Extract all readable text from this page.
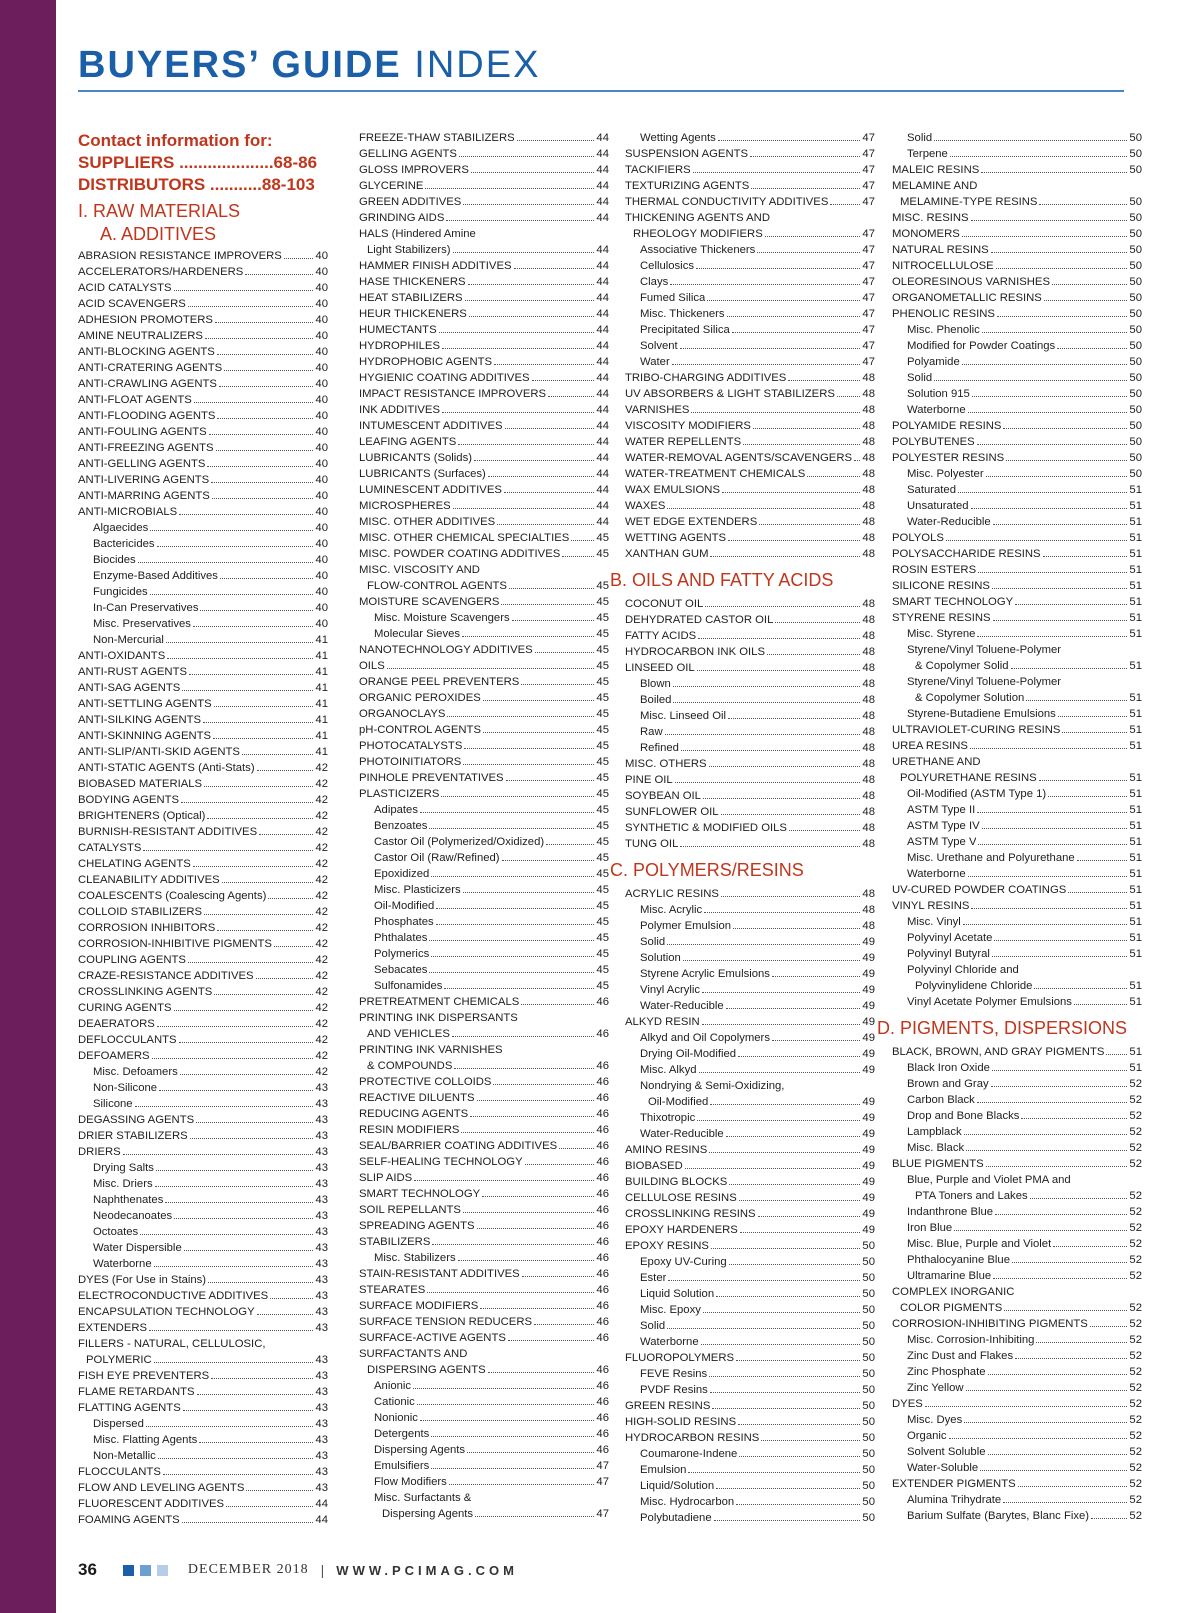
BUYERS’ GUIDE INDEX
Contact information for:
SUPPLIERS ....................68-86
DISTRIBUTORS ...........88-103
I. RAW MATERIALS
A. ADDITIVES
ABRASION RESISTANCE IMPROVERS	40
ACCELERATORS/HARDENERS	40
ACID CATALYSTS	40
ACID SCAVENGERS	40
ADHESION PROMOTERS	40
AMINE NEUTRALIZERS	40
ANTI-BLOCKING AGENTS	40
ANTI-CRATERING AGENTS	40
ANTI-CRAWLING AGENTS	40
ANTI-FLOAT AGENTS	40
ANTI-FLOODING AGENTS	40
ANTI-FOULING AGENTS	40
ANTI-FREEZING AGENTS	40
ANTI-GELLING AGENTS	40
ANTI-LIVERING AGENTS	40
ANTI-MARRING AGENTS	40
ANTI-MICROBIALS	40
Algaecides	40
Bactericides	40
Biocides	40
Enzyme-Based Additives	40
Fungicides	40
In-Can Preservatives	40
Misc. Preservatives	40
Non-Mercurial	41
ANTI-OXIDANTS	41
ANTI-RUST AGENTS	41
ANTI-SAG AGENTS	41
ANTI-SETTLING AGENTS	41
ANTI-SILKING AGENTS	41
ANTI-SKINNING AGENTS	41
ANTI-SLIP/ANTI-SKID AGENTS	41
ANTI-STATIC AGENTS (Anti-Stats)	42
BIOBASED MATERIALS	42
BODYING AGENTS	42
BRIGHTENERS (Optical)	42
BURNISH-RESISTANT ADDITIVES	42
CATALYSTS	42
CHELATING AGENTS	42
CLEANABILITY ADDITIVES	42
COALESCENTS (Coalescing Agents)	42
COLLOID STABILIZERS	42
CORROSION INHIBITORS	42
CORROSION-INHIBITIVE PIGMENTS	42
COUPLING AGENTS	42
CRAZE-RESISTANCE ADDITIVES	42
CROSSLINKING AGENTS	42
CURING AGENTS	42
DEAERATORS	42
DEFLOCCULANTS	42
DEFOAMERS	42
Misc. Defoamers	42
Non-Silicone	43
Silicone	43
DEGASSING AGENTS	43
DRIER STABILIZERS	43
DRIERS	43
Drying Salts	43
Misc. Driers	43
Naphthenates	43
Neodecanoates	43
Octoates	43
Water Dispersible	43
Waterborne	43
DYES (For Use in Stains)	43
ELECTROCONDUCTIVE ADDITIVES	43
ENCAPSULATION TECHNOLOGY	43
EXTENDERS	43
FILLERS - NATURAL, CELLULOSIC,
POLYMERIC	43
FISH EYE PREVENTERS	43
FLAME RETARDANTS	43
FLATTING AGENTS	43
Dispersed	43
Misc. Flatting Agents	43
Non-Metallic	43
FLOCCULANTS	43
FLOW AND LEVELING AGENTS	43
FLUORESCENT ADDITIVES	44
FOAMING AGENTS	44
FREEZE-THAW STABILIZERS	44
GELLING AGENTS	44
GLOSS IMPROVERS	44
GLYCERINE	44
GREEN ADDITIVES	44
GRINDING AIDS	44
HALS (Hindered Amine
Light Stabilizers)	44
HAMMER FINISH ADDITIVES	44
HASE THICKENERS	44
HEAT STABILIZERS	44
HEUR THICKENERS	44
HUMECTANTS	44
HYDROPHILES	44
HYDROPHOBIC AGENTS	44
HYGIENIC COATING ADDITIVES	44
IMPACT RESISTANCE IMPROVERS	44
INK ADDITIVES	44
INTUMESCENT ADDITIVES	44
LEAFING AGENTS	44
LUBRICANTS (Solids)	44
LUBRICANTS (Surfaces)	44
LUMINESCENT ADDITIVES	44
MICROSPHERES	44
MISC. OTHER ADDITIVES	44
MISC. OTHER CHEMICAL SPECIALTIES 45
MISC. POWDER COATING ADDITIVES	45
MISC. VISCOSITY AND
FLOW-CONTROL AGENTS	45
MOISTURE SCAVENGERS	45
Misc. Moisture Scavengers	45
Molecular Sieves	45
NANOTECHNOLOGY ADDITIVES	45
OILS	45
ORANGE PEEL PREVENTERS	45
ORGANIC PEROXIDES	45
ORGANOCLAYS	45
pH-CONTROL AGENTS	45
PHOTOCATALYSTS	45
PHOTOINITIATORS	45
PINHOLE PREVENTATIVES	45
PLASTICIZERS	45
Adipates	45
Benzoates	45
Castor Oil (Polymerized/Oxidized)	45
Castor Oil (Raw/Refined)	45
Epoxidized	45
Misc. Plasticizers	45
Oil-Modified	45
Phosphates	45
Phthalates	45
Polymerics	45
Sebacates	45
Sulfonamides	45
PRETREATMENT CHEMICALS	46
PRINTING INK DISPERSANTS
AND VEHICLES	46
PRINTING INK VARNISHES
& COMPOUNDS	46
PROTECTIVE COLLOIDS	46
REACTIVE DILUENTS	46
REDUCING AGENTS	46
RESIN MODIFIERS	46
SEAL/BARRIER COATING ADDITIVES	46
SELF-HEALING TECHNOLOGY	46
SLIP AIDS	46
SMART TECHNOLOGY	46
SOIL REPELLANTS	46
SPREADING AGENTS	46
STABILIZERS	46
Misc. Stabilizers	46
STAIN-RESISTANT ADDITIVES	46
STEARATES	46
SURFACE MODIFIERS	46
SURFACE TENSION REDUCERS	46
SURFACE-ACTIVE AGENTS	46
SURFACTANTS AND
DISPERSING AGENTS	46
Anionic	46
Cationic	46
Nonionic	46
Detergents	46
Dispersing Agents	46
Emulsifiers	47
Flow Modifiers	47
Misc. Surfactants &
Dispersing Agents	47
Wetting Agents	47
SUSPENSION AGENTS	47
TACKIFIERS	47
TEXTURIZING AGENTS	47
THERMAL CONDUCTIVITY ADDITIVES	47
THICKENING AGENTS AND
RHEOLOGY MODIFIERS	47
Associative Thickeners	47
Cellulosics	47
Clays	47
Fumed Silica	47
Misc. Thickeners	47
Precipitated Silica	47
Solvent	47
Water	47
TRIBO-CHARGING ADDITIVES	48
UV ABSORBERS & LIGHT STABILIZERS 48
VARNISHES	48
VISCOSITY MODIFIERS	48
WATER REPELLENTS	48
WATER-REMOVAL AGENTS/SCAVENGERS 48
WATER-TREATMENT CHEMICALS	48
WAX EMULSIONS	48
WAXES	48
WET EDGE EXTENDERS	48
WETTING AGENTS	48
XANTHAN GUM	48
B. OILS AND FATTY ACIDS
COCONUT OIL	48
DEHYDRATED CASTOR OIL	48
FATTY ACIDS	48
HYDROCARBON INK OILS	48
LINSEED OIL	48
Blown	48
Boiled	48
Misc. Linseed Oil	48
Raw	48
Refined	48
MISC. OTHERS	48
PINE OIL	48
SOYBEAN OIL	48
SUNFLOWER OIL	48
SYNTHETIC & MODIFIED OILS	48
TUNG OIL	48
C. POLYMERS/RESINS
ACRYLIC RESINS	48
Misc. Acrylic	48
Polymer Emulsion	48
Solid	49
Solution	49
Styrene Acrylic Emulsions	49
Vinyl Acrylic	49
Water-Reducible	49
ALKYD RESIN	49
Alkyd and Oil Copolymers	49
Drying Oil-Modified	49
Misc. Alkyd	49
Nondrying & Semi-Oxidizing,
Oil-Modified	49
Thixotropic	49
Water-Reducible	49
AMINO RESINS	49
BIOBASED	49
BUILDING BLOCKS	49
CELLULOSE RESINS	49
CROSSLINKING RESINS	49
EPOXY HARDENERS	49
EPOXY RESINS	50
Epoxy UV-Curing	50
Ester	50
Liquid Solution	50
Misc. Epoxy	50
Solid	50
Waterborne	50
FLUOROPOLYMERS	50
FEVE Resins	50
PVDF Resins	50
GREEN RESINS	50
HIGH-SOLID RESINS	50
HYDROCARBON RESINS	50
Coumarone-Indene	50
Emulsion	50
Liquid/Solution	50
Misc. Hydrocarbon	50
Polybutadiene	50
Solid	50
Terpene	50
MALEIC RESINS	50
MELAMINE AND
MELAMINE-TYPE RESINS	50
MISC. RESINS	50
MONOMERS	50
NATURAL RESINS	50
NITROCELLULOSE	50
OLEORESINOUS VARNISHES	50
ORGANOMETALLIC RESINS	50
PHENOLIC RESINS	50
Misc. Phenolic	50
Modified for Powder Coatings	50
Polyamide	50
Solid	50
Solution 915	50
Waterborne	50
POLYAMIDE RESINS	50
POLYBUTENES	50
POLYESTER RESINS	50
Misc. Polyester	50
Saturated	51
Unsaturated	51
Water-Reducible	51
POLYOLS	51
POLYSACCHARIDE RESINS	51
ROSIN ESTERS	51
SILICONE RESINS	51
SMART TECHNOLOGY	51
STYRENE RESINS	51
Misc. Styrene	51
Styrene/Vinyl Toluene-Polymer
& Copolymer Solid	51
Styrene/Vinyl Toluene-Polymer
& Copolymer Solution	51
Styrene-Butadiene Emulsions	51
ULTRAVIOLET-CURING RESINS	51
UREA RESINS	51
URETHANE AND
POLYURETHANE RESINS	51
Oil-Modified (ASTM Type 1)	51
ASTM Type II	51
ASTM Type IV	51
ASTM Type V	51
Misc. Urethane and Polyurethane	51
Waterborne	51
UV-CURED POWDER COATINGS	51
VINYL RESINS	51
Misc. Vinyl	51
Polyvinyl Acetate	51
Polyvinyl Butyral	51
Polyvinyl Chloride and
Polyvinylidene Chloride	51
Vinyl Acetate Polymer Emulsions	51
D. PIGMENTS, DISPERSIONS
BLACK, BROWN, AND GRAY PIGMENTS 51
Black Iron Oxide	51
Brown and Gray	52
Carbon Black	52
Drop and Bone Blacks	52
Lampblack	52
Misc. Black	52
BLUE PIGMENTS	52
Blue, Purple and Violet PMA and
PTA Toners and Lakes	52
Indanthrone Blue	52
Iron Blue	52
Misc. Blue, Purple and Violet	52
Phthalocyanine Blue	52
Ultramarine Blue	52
COMPLEX INORGANIC
COLOR PIGMENTS	52
CORROSION-INHIBITING PIGMENTS	52
Misc. Corrosion-Inhibiting	52
Zinc Dust and Flakes	52
Zinc Phosphate	52
Zinc Yellow	52
DYES	52
Misc. Dyes	52
Organic	52
Solvent Soluble	52
Water-Soluble	52
EXTENDER PIGMENTS	52
Alumina Trihydrate	52
Barium Sulfate (Barytes, Blanc Fixe)	52
36	DECEMBER 2018 | WWW.PCIMAG.COM
